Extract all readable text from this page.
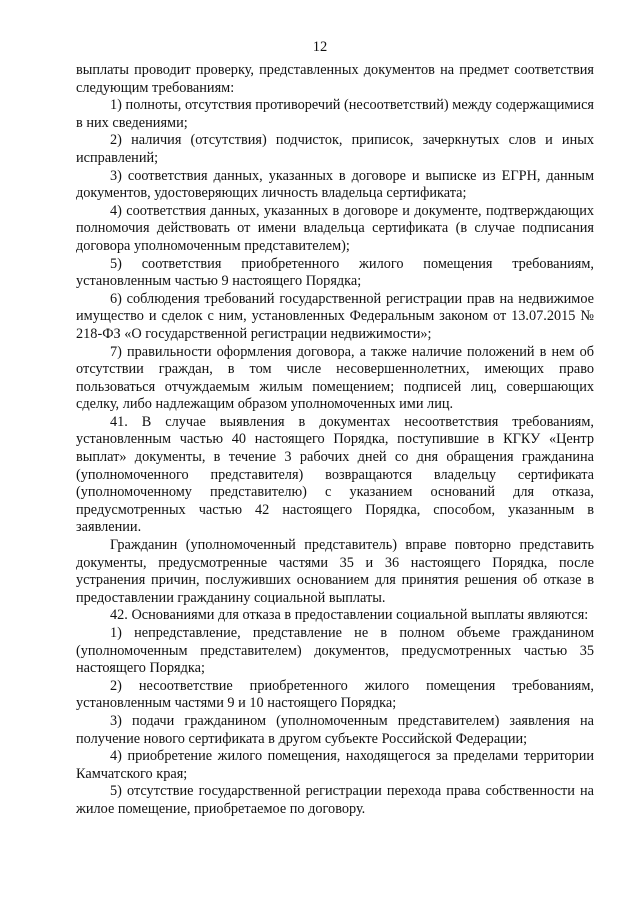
12

выплаты проводит проверку, представленных документов на предмет соответствия следующим требованиям:

1) полноты, отсутствия противоречий (несоответствий) между содержащимися в них сведениями;

2) наличия (отсутствия) подчисток, приписок, зачеркнутых слов и иных исправлений;

3) соответствия данных, указанных в договоре и выписке из ЕГРН, данным документов, удостоверяющих личность владельца сертификата;

4) соответствия данных, указанных в договоре и документе, подтверждающих полномочия действовать от имени владельца сертификата (в случае подписания договора уполномоченным представителем);

5) соответствия приобретенного жилого помещения требованиям, установленным частью 9 настоящего Порядка;

6) соблюдения требований государственной регистрации прав на недвижимое имущество и сделок с ним, установленных Федеральным законом от 13.07.2015 № 218-ФЗ «О государственной регистрации недвижимости»;

7) правильности оформления договора, а также наличие положений в нем об отсутствии граждан, в том числе несовершеннолетних, имеющих право пользоваться отчуждаемым жилым помещением; подписей лиц, совершающих сделку, либо надлежащим образом уполномоченных ими лиц.

41. В случае выявления в документах несоответствия требованиям, установленным частью 40 настоящего Порядка, поступившие в КГКУ «Центр выплат» документы, в течение 3 рабочих дней со дня обращения гражданина (уполномоченного представителя) возвращаются владельцу сертификата (уполномоченному представителю) с указанием оснований для отказа, предусмотренных частью 42 настоящего Порядка, способом, указанным в заявлении.

Гражданин (уполномоченный представитель) вправе повторно представить документы, предусмотренные частями 35 и 36 настоящего Порядка, после устранения причин, послуживших основанием для принятия решения об отказе в предоставлении гражданину социальной выплаты.

42. Основаниями для отказа в предоставлении социальной выплаты являются:

1) непредставление, представление не в полном объеме гражданином (уполномоченным представителем) документов, предусмотренных частью 35 настоящего Порядка;

2) несоответствие приобретенного жилого помещения требованиям, установленным частями 9 и 10 настоящего Порядка;

3) подачи гражданином (уполномоченным представителем) заявления на получение нового сертификата в другом субъекте Российской Федерации;

4) приобретение жилого помещения, находящегося за пределами территории Камчатского края;

5) отсутствие государственной регистрации перехода права собственности на жилое помещение, приобретаемое по договору.
